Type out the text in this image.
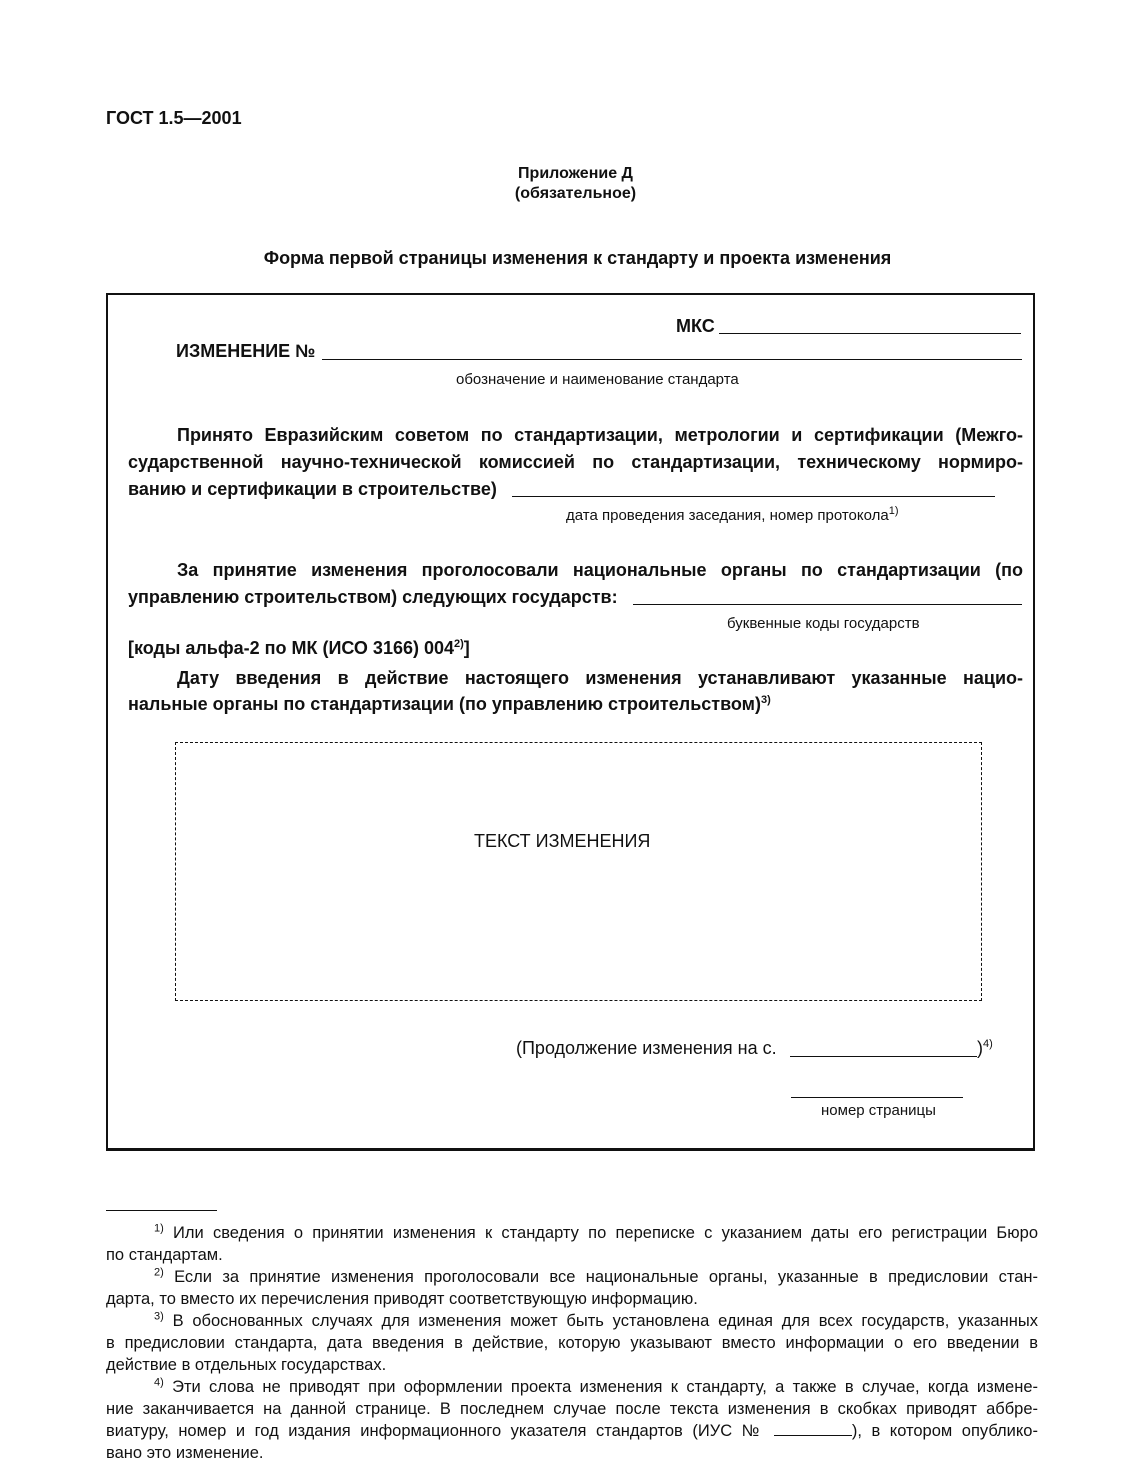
ГОСТ 1.5—2001
Приложение Д
(обязательное)
Форма первой страницы изменения к стандарту и проекта изменения
МКС
ИЗМЕНЕНИЕ №
обозначение и наименование стандарта
Принято Евразийским советом по стандартизации, метрологии и сертификации (Межго-
сударственной научно-технической комиссией по стандартизации, техническому нормиро-
ванию и сертификации в строительстве)
дата проведения заседания, номер протокола$^{1)}$
За принятие изменения проголосовали национальные органы по стандартизации (по
управлению строительством) следующих государств:
буквенные коды государств
[коды альфа-2 по МК (ИСО 3166) 004$^{2)}$]
Дату введения в действие настоящего изменения устанавливают указанные нацио-
нальные органы по стандартизации (по управлению строительством)$^{3)}$
ТЕКСТ ИЗМЕНЕНИЯ
(Продолжение изменения на с.	)$^{4)}$
номер страницы
$^{1)}$ Или сведения о принятии изменения к стандарту по переписке с указанием даты его регистрации Бюро
по стандартам.
$^{2)}$ Если за принятие изменения проголосовали все национальные органы, указанные в предисловии стан-
дарта, то вместо их перечисления приводят соответствующую информацию.
$^{3)}$ В обоснованных случаях для изменения может быть установлена единая для всех государств, указанных
в предисловии стандарта, дата введения в действие, которую указывают вместо информации о его введении в
действие в отдельных государствах.
$^{4)}$ Эти слова не приводят при оформлении проекта изменения к стандарту, а также в случае, когда измене-
ние заканчивается на данной странице. В последнем случае после текста изменения в скобках приводят аббре-
виатуру, номер и год издания информационного указателя стандартов (ИУС №	), в котором опублико-
вано это изменение.
